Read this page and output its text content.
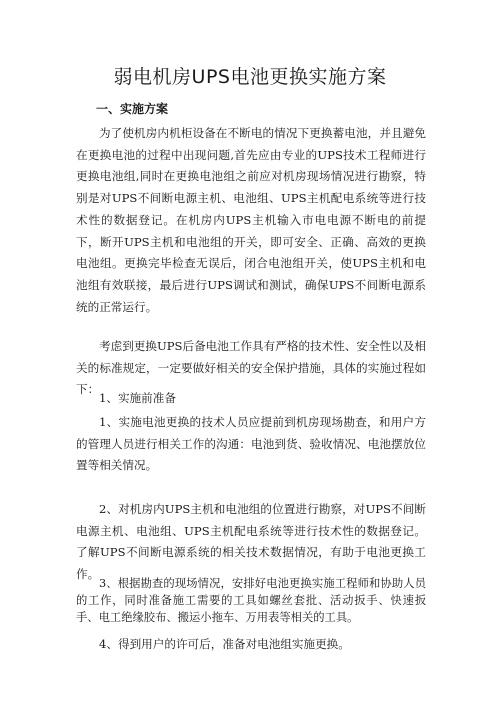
弱电机房UPS电池更换实施方案
一、实施方案

为了使机房内机柜设备在不断电的情况下更换蓄电池，并且避免在更换电池的过程中出现问题,首先应由专业的UPS技术工程师进行更换电池组,同时在更换电池组之前应对机房现场情况进行勘察，特别是对UPS不间断电源主机、电池组、UPS主机配电系统等进行技术性的数据登记。在机房内UPS主机输入市电电源不断电的前提下，断开UPS主机和电池组的开关，即可安全、正确、高效的更换电池组。更换完毕检查无误后，闭合电池组开关，使UPS主机和电池组有效联接，最后进行UPS调试和测试，确保UPS不间断电源系统的正常运行。

考虑到更换UPS后备电池工作具有严格的技术性、安全性以及相关的标准规定，一定要做好相关的安全保护措施，具体的实施过程如下：

1、实施前准备

1、实施电池更换的技术人员应提前到机房现场勘查，和用户方的管理人员进行相关工作的沟通：电池到货、验收情况、电池摆放位置等相关情况。

2、对机房内UPS主机和电池组的位置进行勘察，对UPS不间断电源主机、电池组、UPS主机配电系统等进行技术性的数据登记。了解UPS不间断电源系统的相关技术数据情况，有助于电池更换工作。

3、根据勘查的现场情况，安排好电池更换实施工程师和协助人员的工作，同时准备施工需要的工具如螺丝套批、活动扳手、快速扳手、电工绝缘胶布、搬运小拖车、万用表等相关的工具。

4、得到用户的许可后，准备对电池组实施更换。
